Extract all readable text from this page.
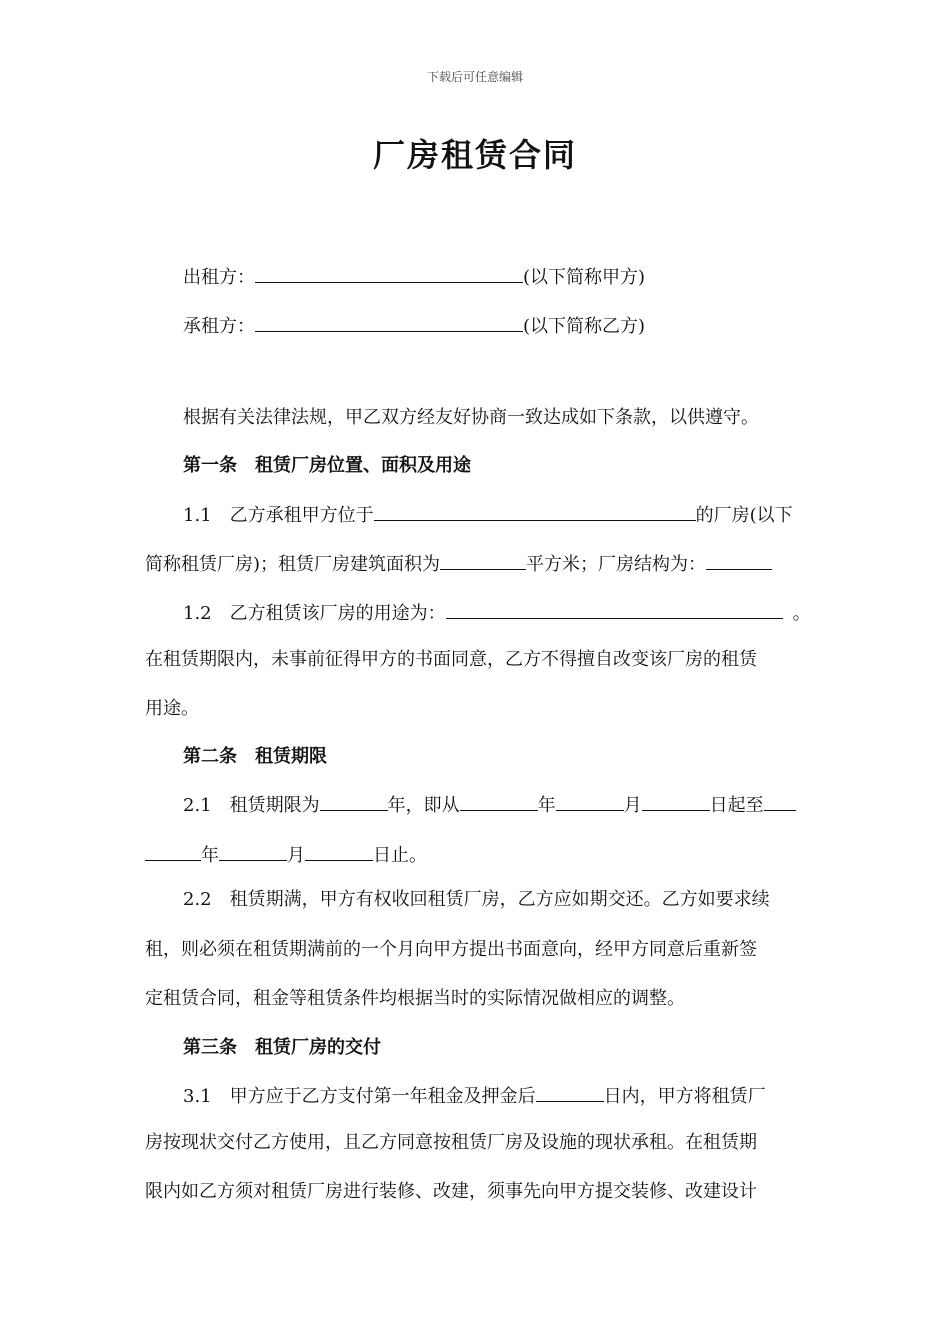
下载后可任意编辑
厂房租赁合同
出租方：	(以下简称甲方)
承租方：	(以下简称乙方)
根据有关法律法规，甲乙双方经友好协商一致达成如下条款，以供遵守。
第一条 租赁厂房位置、面积及用途
1.1 乙方承租甲方位于	的厂房(以下
简称租赁厂房)；租赁厂房建筑面积为	平方米；厂房结构为：
1.2 乙方租赁该厂房的用途为：	。
在租赁期限内，未事前征得甲方的书面同意，乙方不得擅自改变该厂房的租赁
用途。
第二条 租赁期限
2.1 租赁期限为	年，即从	年	月	日起至
年	月	日止。
2.2 租赁期满，甲方有权收回租赁厂房，乙方应如期交还。乙方如要求续
租，则必须在租赁期满前的一个月向甲方提出书面意向，经甲方同意后重新签
定租赁合同，租金等租赁条件均根据当时的实际情况做相应的调整。
第三条 租赁厂房的交付
3.1 甲方应于乙方支付第一年租金及押金后	日内，甲方将租赁厂
房按现状交付乙方使用，且乙方同意按租赁厂房及设施的现状承租。在租赁期
限内如乙方须对租赁厂房进行装修、改建，须事先向甲方提交装修、改建设计
